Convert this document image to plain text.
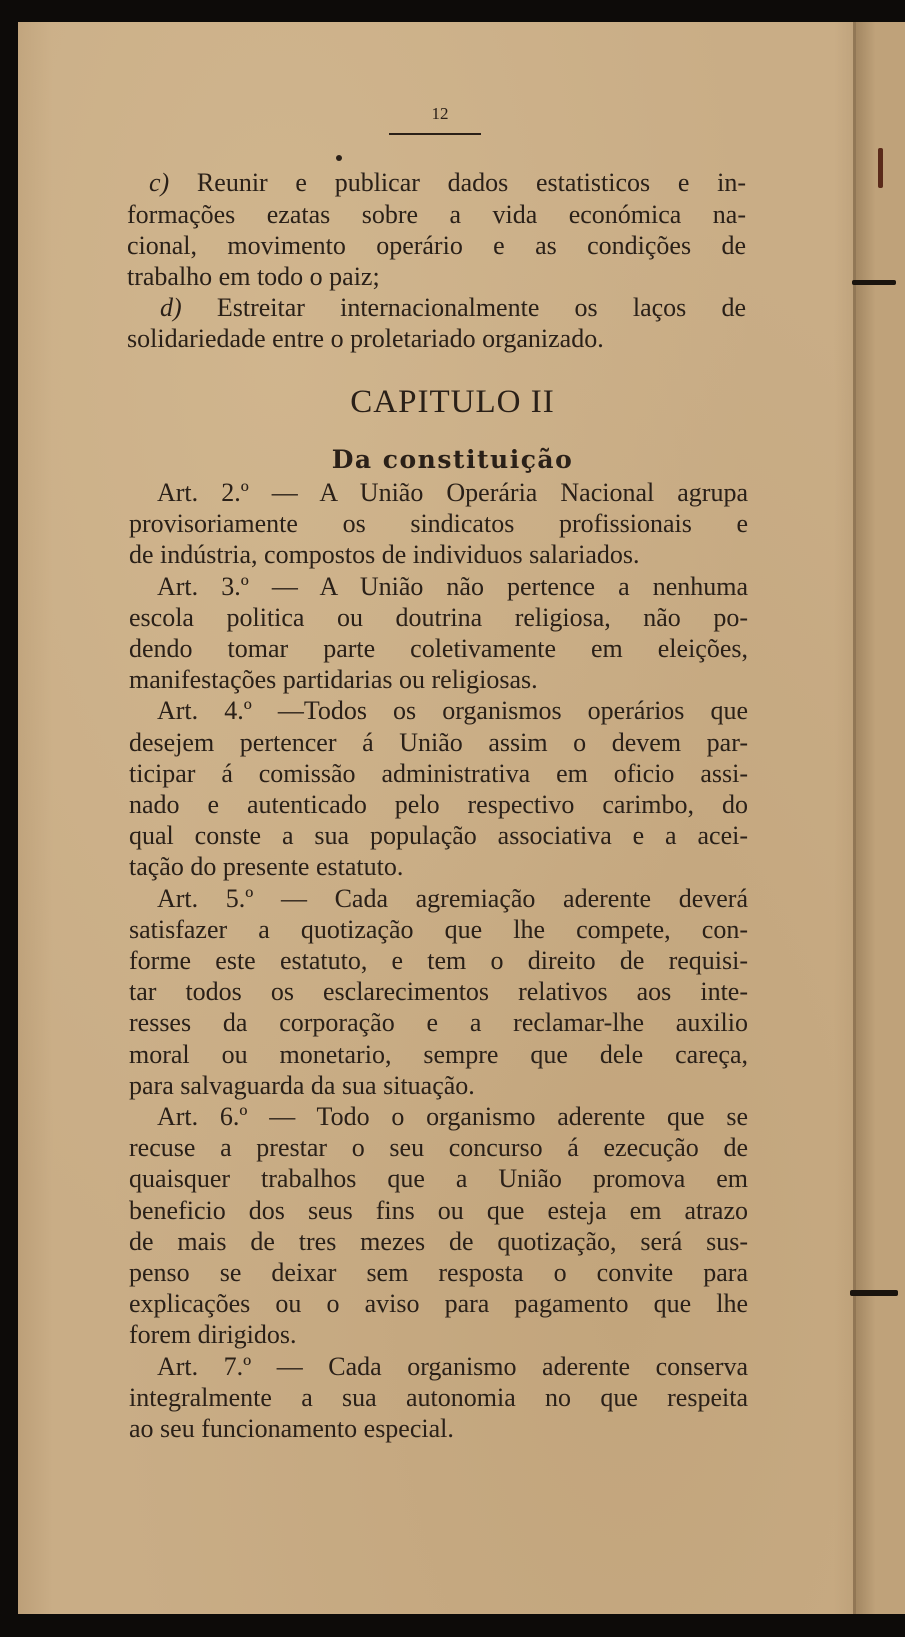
12
c) Reunir e publicar dados estatisticos e in-
formações ezatas sobre a vida económica na-
cional, movimento operário e as condições de
trabalho em todo o paiz;
d) Estreitar internacionalmente os laços de
solidariedade entre o proletariado organizado.
CAPITULO II
Da constituição
Art. 2.º — A União Operária Nacional agrupa
provisoriamente os sindicatos profissionais e
de indústria, compostos de individuos salariados.
Art. 3.º — A União não pertence a nenhuma
escola politica ou doutrina religiosa, não po-
dendo tomar parte coletivamente em eleições,
manifestações partidarias ou religiosas.
Art. 4.º —Todos os organismos operários que
desejem pertencer á União assim o devem par-
ticipar á comissão administrativa em oficio assi-
nado e autenticado pelo respectivo carimbo, do
qual conste a sua população associativa e a acei-
tação do presente estatuto.
Art. 5.º — Cada agremiação aderente deverá
satisfazer a quotização que lhe compete, con-
forme este estatuto, e tem o direito de requisi-
tar todos os esclarecimentos relativos aos inte-
resses da corporação e a reclamar-lhe auxilio
moral ou monetario, sempre que dele careça,
para salvaguarda da sua situação.
Art. 6.º — Todo o organismo aderente que se
recuse a prestar o seu concurso á ezecução de
quaisquer trabalhos que a União promova em
beneficio dos seus fins ou que esteja em atrazo
de mais de tres mezes de quotização, será sus-
penso se deixar sem resposta o convite para
explicações ou o aviso para pagamento que lhe
forem dirigidos.
Art. 7.º — Cada organismo aderente conserva
integralmente a sua autonomia no que respeita
ao seu funcionamento especial.
